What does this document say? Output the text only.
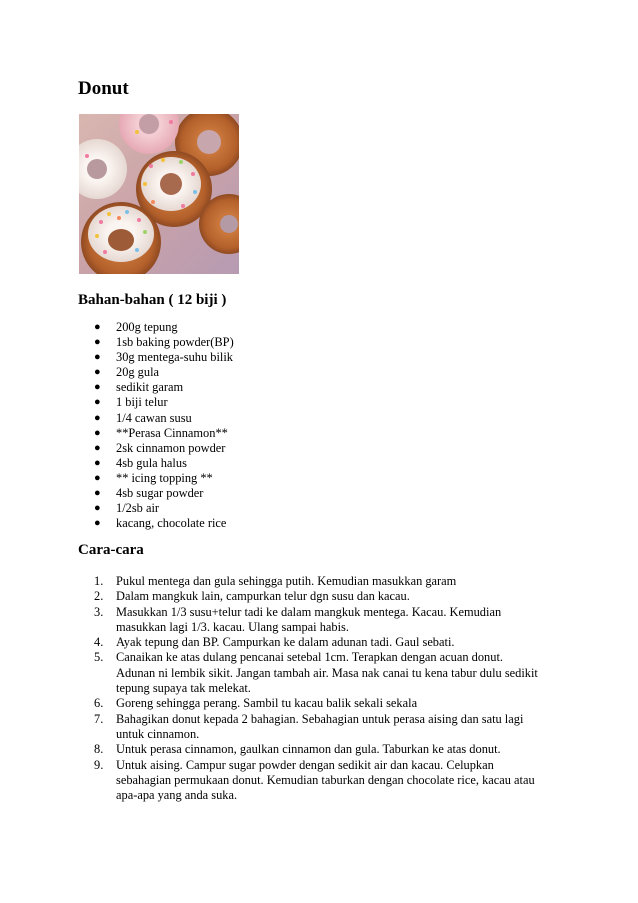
Donut
Bahan-bahan ( 12 biji )
● 200g tepung
● 1sb baking powder(BP)
● 30g mentega-suhu bilik
● 20g gula
● sedikit garam
● 1 biji telur
● 1/4 cawan susu
● **Perasa Cinnamon**
● 2sk cinnamon powder
● 4sb gula halus
● ** icing topping **
● 4sb sugar powder
● 1/2sb air
● kacang, chocolate rice
Cara-cara
1. Pukul mentega dan gula sehingga putih. Kemudian masukkan garam
2. Dalam mangkuk lain, campurkan telur dgn susu dan kacau.
3. Masukkan 1/3 susu+telur tadi ke dalam mangkuk mentega. Kacau. Kemudian
masukkan lagi 1/3. kacau. Ulang sampai habis.
4. Ayak tepung dan BP. Campurkan ke dalam adunan tadi. Gaul sebati.
5. Canaikan ke atas dulang pencanai setebal 1cm. Terapkan dengan acuan donut.
Adunan ni lembik sikit. Jangan tambah air. Masa nak canai tu kena tabur dulu sedikit
tepung supaya tak melekat.
6. Goreng sehingga perang. Sambil tu kacau balik sekali sekala
7. Bahagikan donut kepada 2 bahagian. Sebahagian untuk perasa aising dan satu lagi
untuk cinnamon.
8. Untuk perasa cinnamon, gaulkan cinnamon dan gula. Taburkan ke atas donut.
9. Untuk aising. Campur sugar powder dengan sedikit air dan kacau. Celupkan
sebahagian permukaan donut. Kemudian taburkan dengan chocolate rice, kacau atau
apa-apa yang anda suka.
